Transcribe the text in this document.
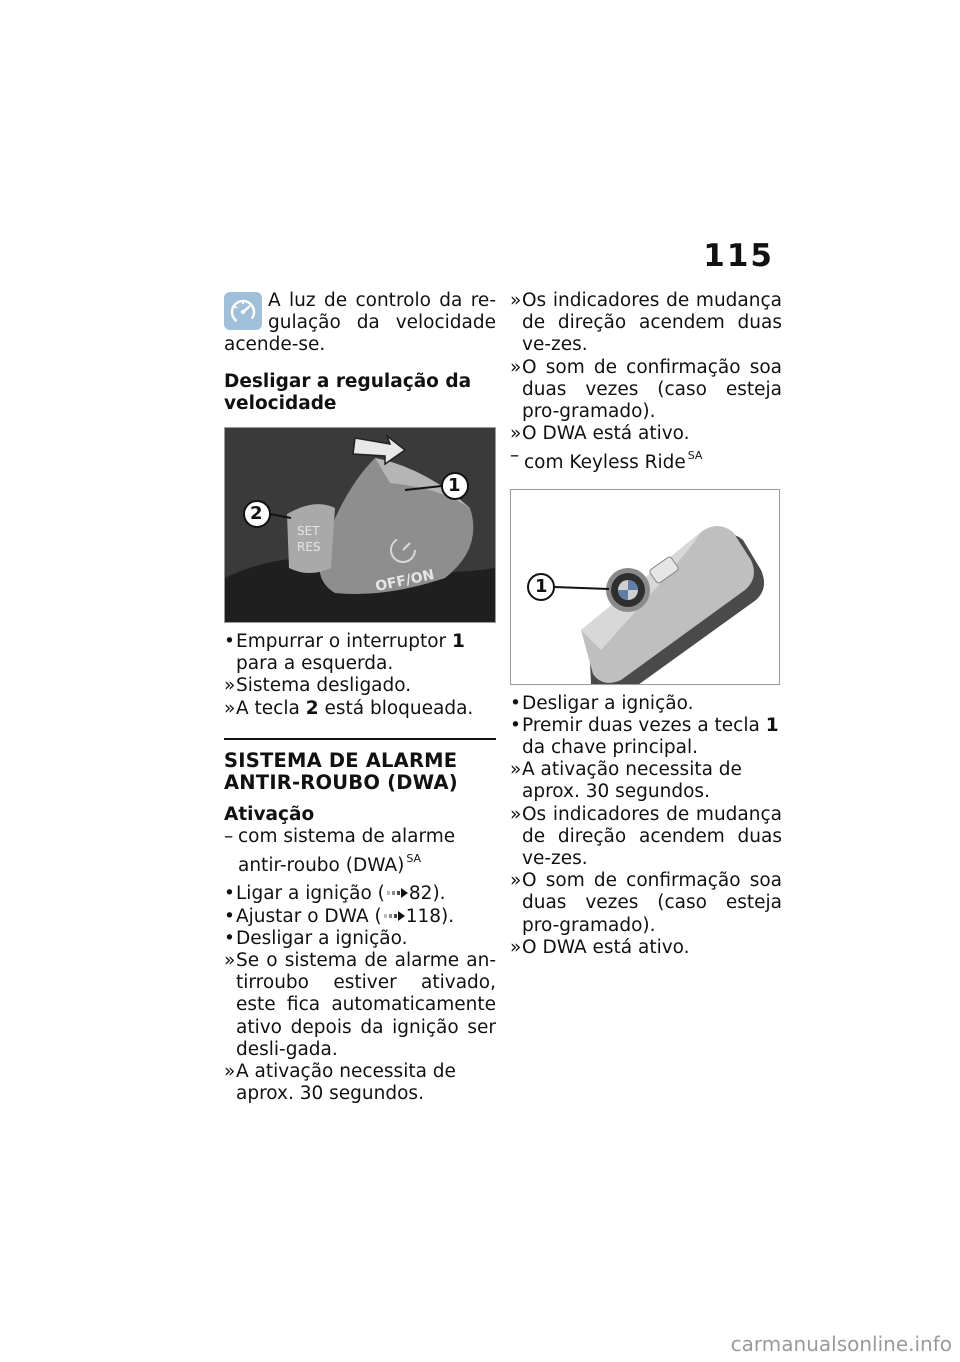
115

A luz de controlo da re-gulação da velocidade acende-se.

Desligar a regulação da velocidade

1
2
SET
RES
OFF/ON
• Empurrar o interruptor 1 para a esquerda.
» Sistema desligado.
» A tecla 2 está bloqueada.
SISTEMA DE ALARME ANTIR-ROUBO (DWA)

Ativação

– com sistema de alarme antir-roubo (DWA) $^{SA}$
• Ligar a ignição ( 82).
• Ajustar o DWA ( 118).
• Desligar a ignição.
» Se o sistema de alarme an-tirroubo estiver ativado, este fica automaticamente ativo depois da ignição ser desli-gada.
» A ativação necessita de aprox. 30 segundos.
» Os indicadores de mudança de direção acendem duas ve-zes.
» O som de confirmação soa duas vezes (caso esteja pro-gramado).
» O DWA está ativo.
– com Keyless Ride $^{SA}$
1
• Desligar a ignição.
• Premir duas vezes a tecla 1 da chave principal.
» A ativação necessita de aprox. 30 segundos.
» Os indicadores de mudança de direção acendem duas ve-zes.
» O som de confirmação soa duas vezes (caso esteja pro-gramado).
» O DWA está ativo.
carmanualsonline.info
